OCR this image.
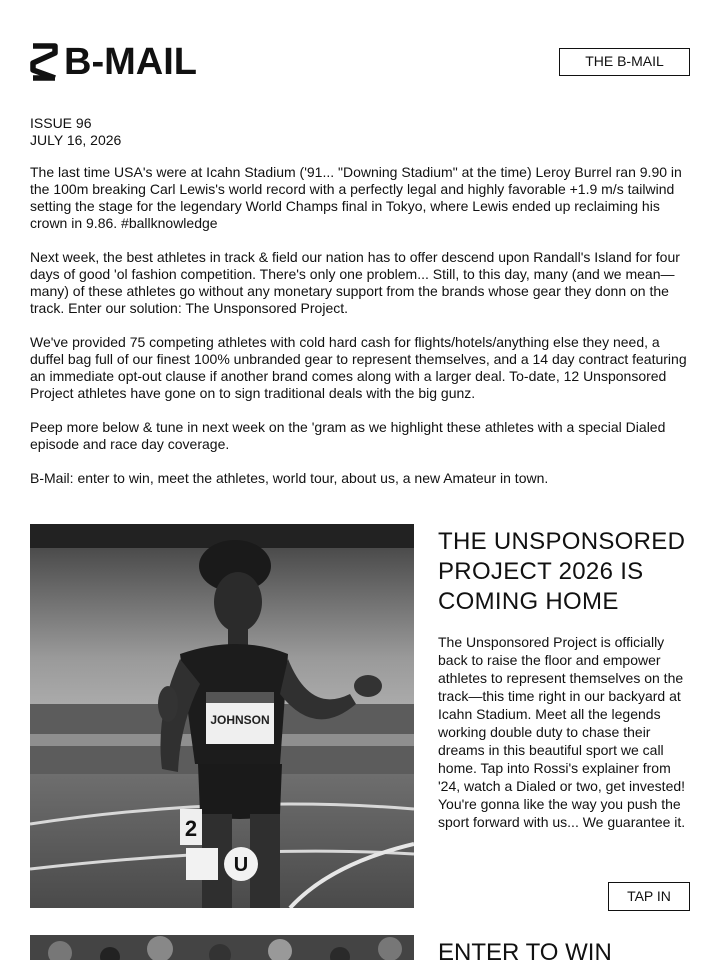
B-MAIL	THE B-MAIL
ISSUE 96
JULY 16, 2026

The last time USA's were at Icahn Stadium ('91... "Downing Stadium" at the time) Leroy Burrel ran 9.90 in the 100m breaking Carl Lewis's world record with a perfectly legal and highly favorable +1.9 m/s tailwind setting the stage for the legendary World Champs final in Tokyo, where Lewis ended up reclaiming his crown in 9.86. #ballknowledge

Next week, the best athletes in track & field our nation has to offer descend upon Randall's Island for four days of good 'ol fashion competition. There's only one problem... Still, to this day, many (and we mean—many) of these athletes go without any monetary support from the brands whose gear they donn on the track. Enter our solution: The Unsponsored Project.

We've provided 75 competing athletes with cold hard cash for flights/hotels/anything else they need, a duffel bag full of our finest 100% unbranded gear to represent themselves, and a 14 day contract featuring an immediate opt-out clause if another brand comes along with a larger deal. To-date, 12 Unsponsored Project athletes have gone on to sign traditional deals with the big gunz.

Peep more below & tune in next week on the 'gram as we highlight these athletes with a special Dialed episode and race day coverage.

B-Mail: enter to win, meet the athletes, world tour, about us, a new Amateur in town.

JOHNSON
2
U
THE UNSPONSORED PROJECT 2026 IS COMING HOME
The Unsponsored Project is officially back to raise the floor and empower athletes to represent themselves on the track—this time right in our backyard at Icahn Stadium. Meet all the legends working double duty to chase their dreams in this beautiful sport we call home. Tap into Rossi's explainer from '24, watch a Dialed or two, get invested! You're gonna like the way you push the sport forward with us... We guarantee it.
TAP IN
ENTER TO WIN
